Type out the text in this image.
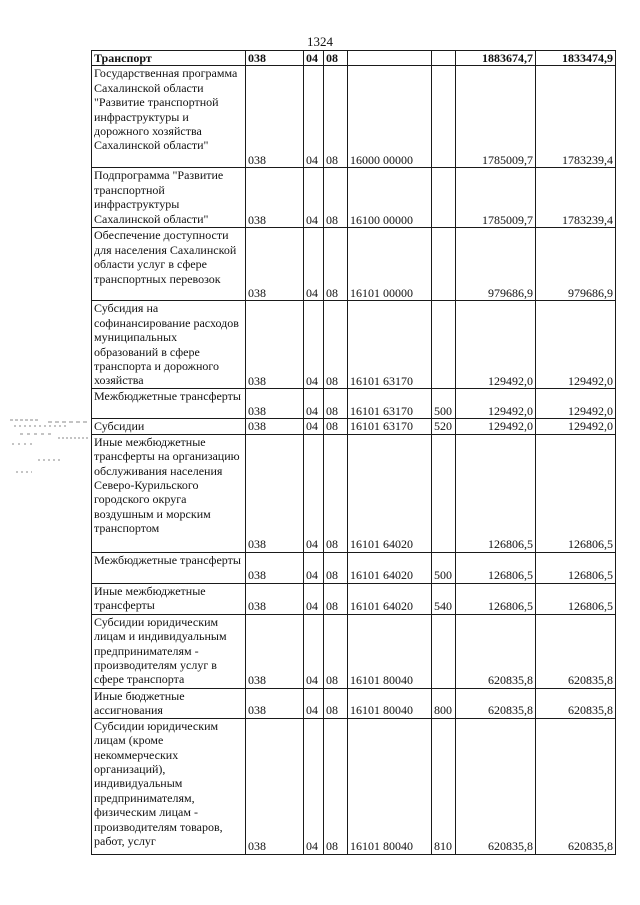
1324
Транспорт	038	04	08			1883674,7	1833474,9
Государственная программа Сахалинской области "Развитие транспортной инфраструктуры и дорожного хозяйства Сахалинской области"	038	04	08	16000 00000		1785009,7	1783239,4
Подпрограмма "Развитие транспортной инфраструктуры Сахалинской области"	038	04	08	16100 00000		1785009,7	1783239,4
Обеспечение доступности для населения Сахалинской области услуг в сфере транспортных перевозок	038	04	08	16101 00000		979686,9	979686,9
Субсидия на софинансирование расходов муниципальных образований в сфере транспорта и дорожного хозяйства	038	04	08	16101 63170		129492,0	129492,0
Межбюджетные трансферты	038	04	08	16101 63170	500	129492,0	129492,0
Субсидии	038	04	08	16101 63170	520	129492,0	129492,0
Иные межбюджетные трансферты на организацию обслуживания населения Северо-Курильского городского округа воздушным и морским транспортом	038	04	08	16101 64020		126806,5	126806,5
Межбюджетные трансферты	038	04	08	16101 64020	500	126806,5	126806,5
Иные межбюджетные трансферты	038	04	08	16101 64020	540	126806,5	126806,5
Субсидии юридическим лицам и индивидуальным предпринимателям - производителям услуг в сфере транспорта	038	04	08	16101 80040		620835,8	620835,8
Иные бюджетные ассигнования	038	04	08	16101 80040	800	620835,8	620835,8
Субсидии юридическим лицам (кроме некоммерческих организаций), индивидуальным предпринимателям, физическим лицам - производителям товаров, работ, услуг	038	04	08	16101 80040	810	620835,8	620835,8
